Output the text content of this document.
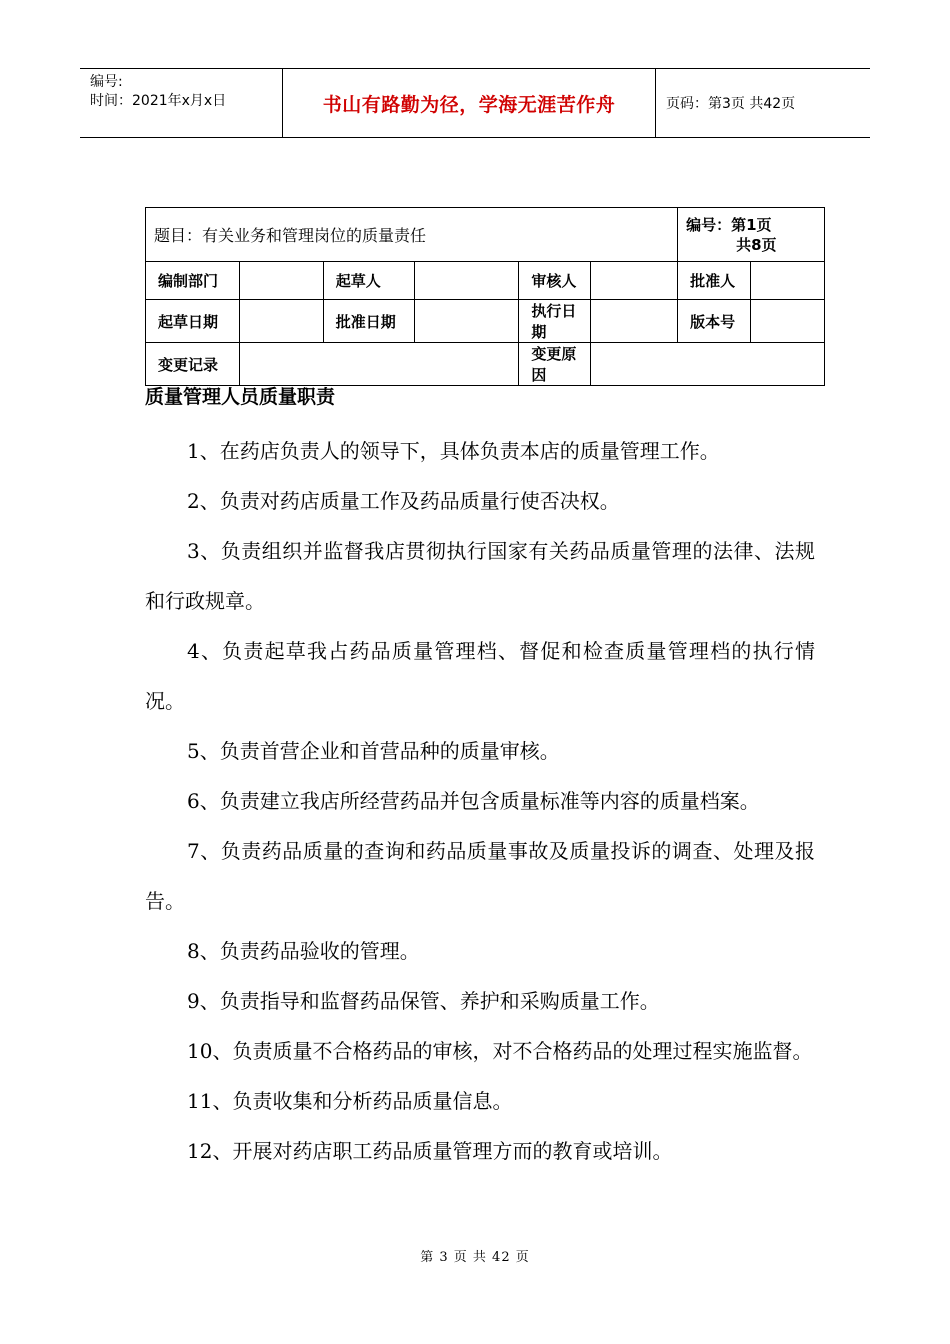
编号:
时间：2021年x月x日	书山有路勤为径，学海无涯苦作舟	页码：第3页 共42页
题目：有关业务和管理岗位的质量责任						编号：第1页
共8页	

编制部门		起草人		审核人		批准人	
起草日期		批准日期		执行日期		版本号	
变更记录				变更原因			
质量管理人员质量职责

1、在药店负责人的领导下，具体负责本店的质量管理工作。

2、负责对药店质量工作及药品质量行使否决权。

3、负责组织并监督我店贯彻执行国家有关药品质量管理的法律、法规和行政规章。

4、负责起草我占药品质量管理档、督促和检查质量管理档的执行情况。

5、负责首营企业和首营品种的质量审核。

6、负责建立我店所经营药品并包含质量标准等内容的质量档案。

7、负责药品质量的查询和药品质量事故及质量投诉的调查、处理及报告。

8、负责药品验收的管理。

9、负责指导和监督药品保管、养护和采购质量工作。

10、负责质量不合格药品的审核，对不合格药品的处理过程实施监督。

11、负责收集和分析药品质量信息。

12、开展对药店职工药品质量管理方而的教育或培训。

第 3 页 共 42 页
